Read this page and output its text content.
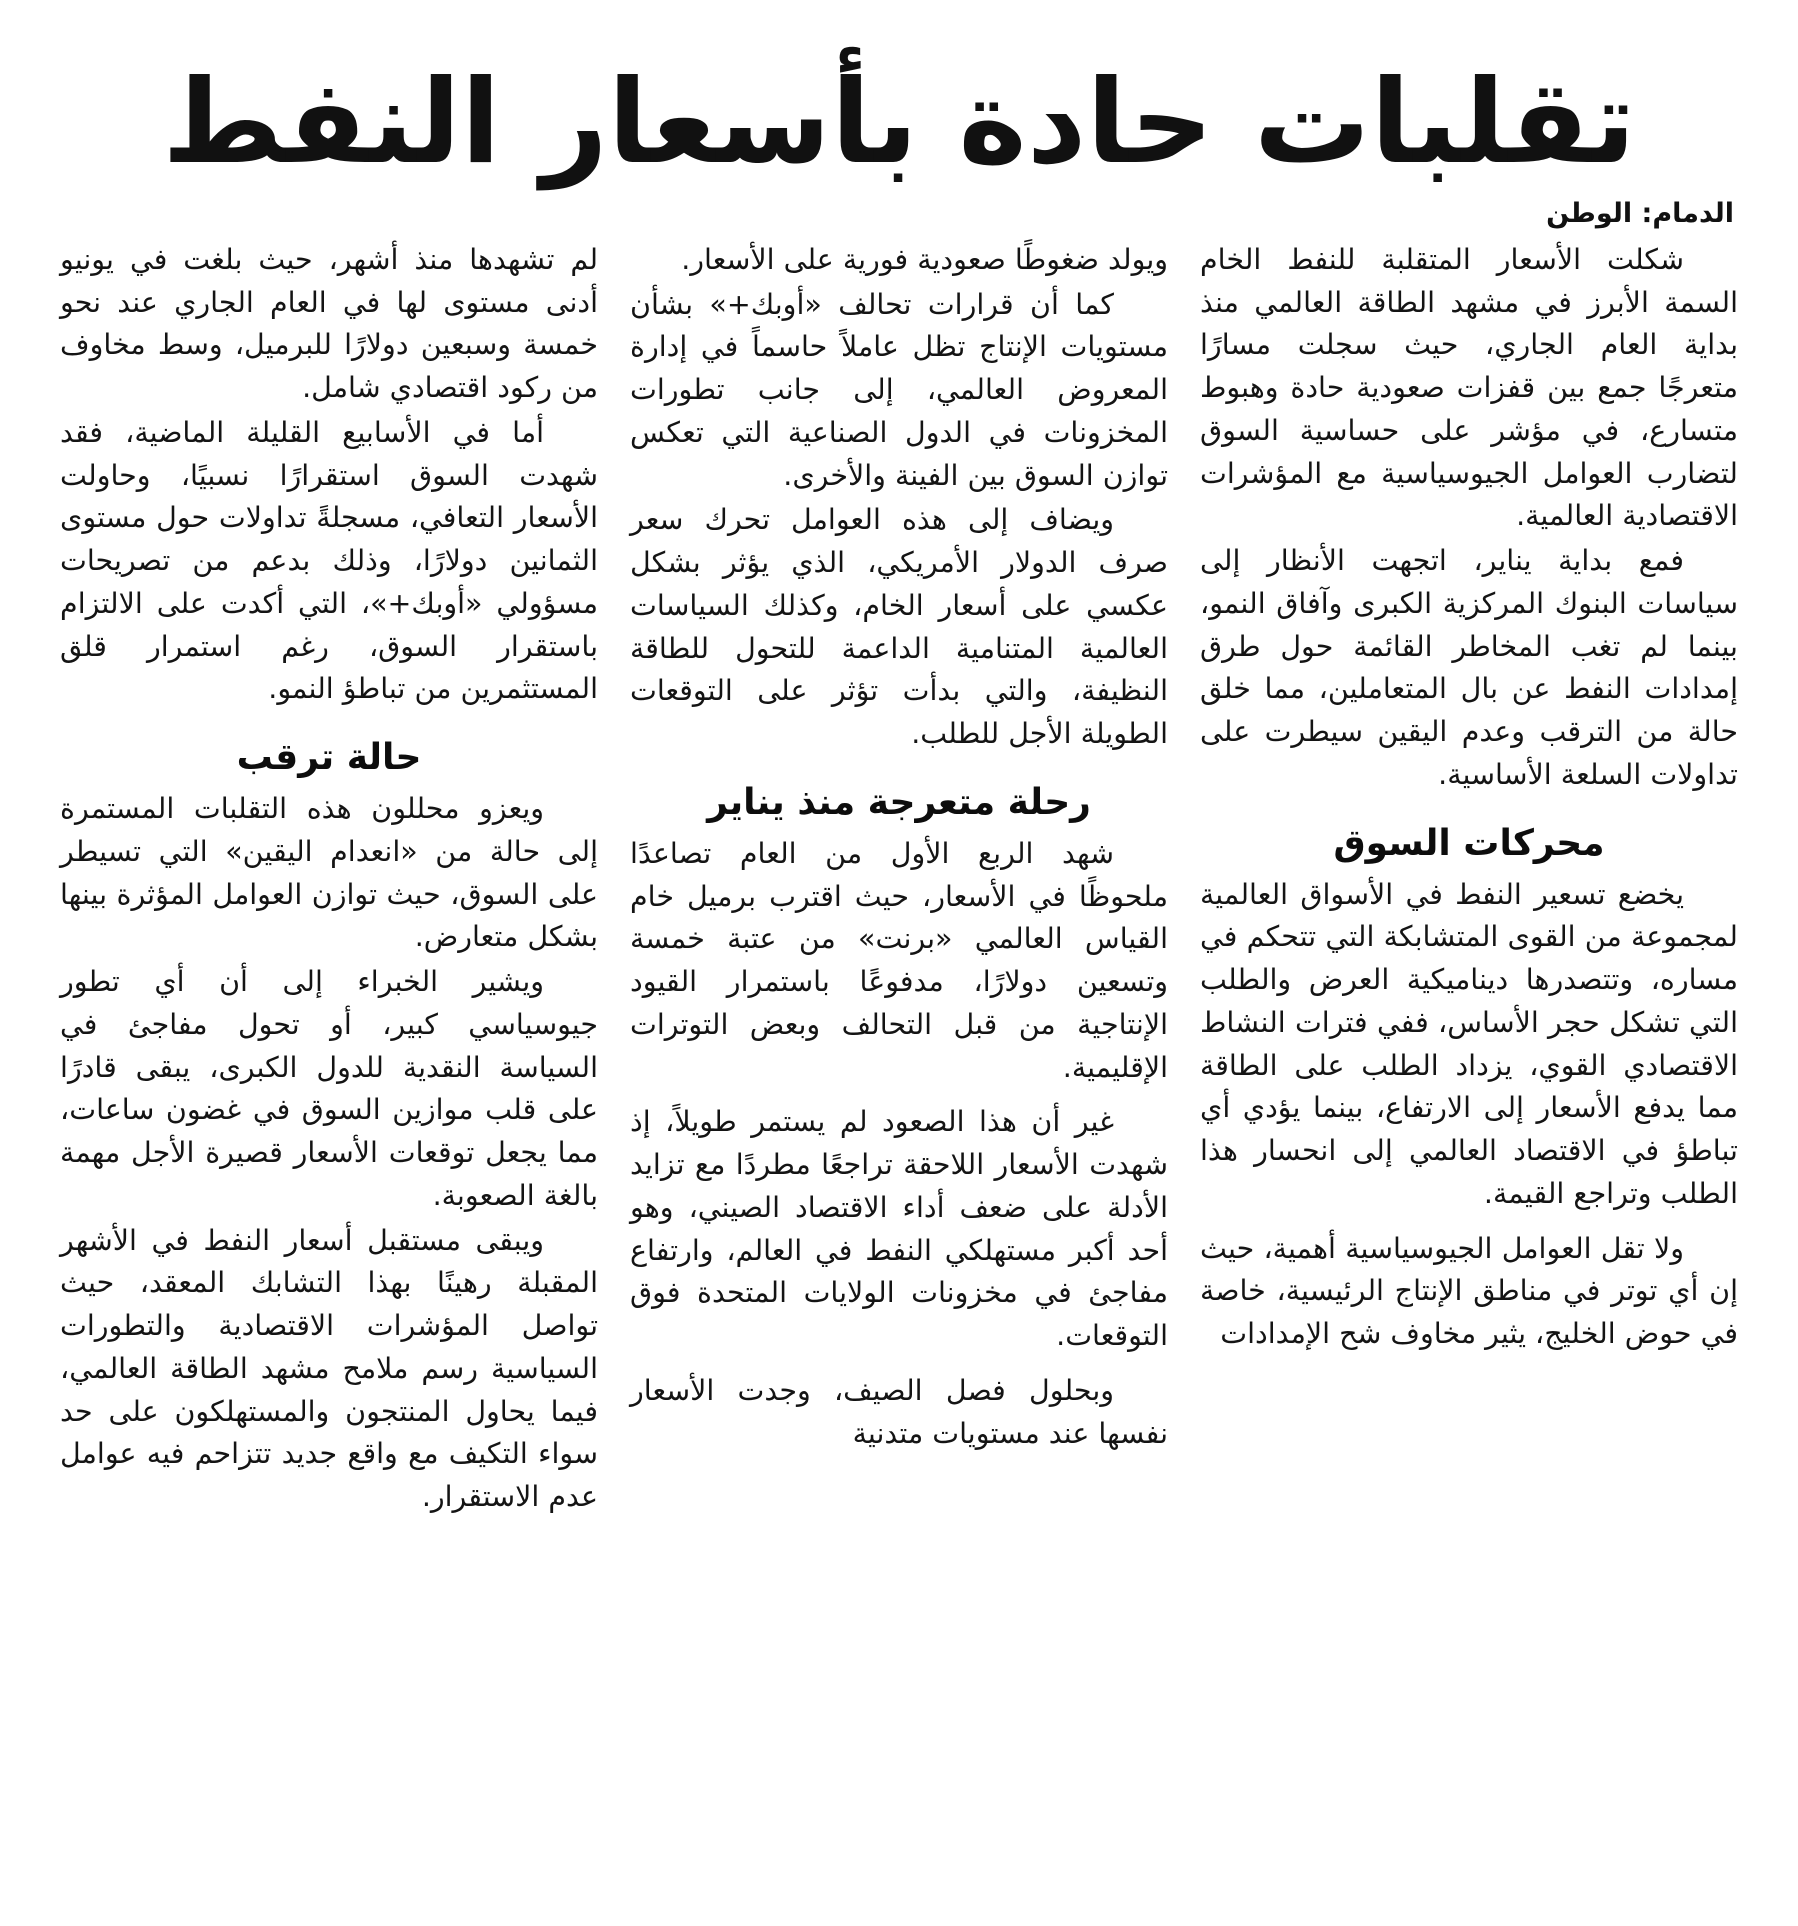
تقلبات حادة بأسعار النفط
الدمام: الوطن

شكلت الأسعار المتقلبة للنفط الخام السمة الأبرز في مشهد الطاقة العالمي منذ بداية العام الجاري، حيث سجلت مسارًا متعرجًا جمع بين قفزات صعودية حادة وهبوط متسارع، في مؤشر على حساسية السوق لتضارب العوامل الجيوسياسية مع المؤشرات الاقتصادية العالمية.

فمع بداية يناير، اتجهت الأنظار إلى سياسات البنوك المركزية الكبرى وآفاق النمو، بينما لم تغب المخاطر القائمة حول طرق إمدادات النفط عن بال المتعاملين، مما خلق حالة من الترقب وعدم اليقين سيطرت على تداولات السلعة الأساسية.

محركات السوق

يخضع تسعير النفط في الأسواق العالمية لمجموعة من القوى المتشابكة التي تتحكم في مساره، وتتصدرها ديناميكية العرض والطلب التي تشكل حجر الأساس، ففي فترات النشاط الاقتصادي القوي، يزداد الطلب على الطاقة مما يدفع الأسعار إلى الارتفاع، بينما يؤدي أي تباطؤ في الاقتصاد العالمي إلى انحسار هذا الطلب وتراجع القيمة.

ولا تقل العوامل الجيوسياسية أهمية، حيث إن أي توتر في مناطق الإنتاج الرئيسية، خاصة في حوض الخليج، يثير مخاوف شح الإمدادات

ويولد ضغوطًا صعودية فورية على الأسعار.

كما أن قرارات تحالف «أوبك+» بشأن مستويات الإنتاج تظل عاملاً حاسماً في إدارة المعروض العالمي، إلى جانب تطورات المخزونات في الدول الصناعية التي تعكس توازن السوق بين الفينة والأخرى.

ويضاف إلى هذه العوامل تحرك سعر صرف الدولار الأمريكي، الذي يؤثر بشكل عكسي على أسعار الخام، وكذلك السياسات العالمية المتنامية الداعمة للتحول للطاقة النظيفة، والتي بدأت تؤثر على التوقعات الطويلة الأجل للطلب.

رحلة متعرجة منذ يناير

شهد الربع الأول من العام تصاعدًا ملحوظًا في الأسعار، حيث اقترب برميل خام القياس العالمي «برنت» من عتبة خمسة وتسعين دولارًا، مدفوعًا باستمرار القيود الإنتاجية من قبل التحالف وبعض التوترات الإقليمية.

غير أن هذا الصعود لم يستمر طويلاً، إذ شهدت الأسعار اللاحقة تراجعًا مطردًا مع تزايد الأدلة على ضعف أداء الاقتصاد الصيني، وهو أحد أكبر مستهلكي النفط في العالم، وارتفاع مفاجئ في مخزونات الولايات المتحدة فوق التوقعات.

وبحلول فصل الصيف، وجدت الأسعار نفسها عند مستويات متدنية

لم تشهدها منذ أشهر، حيث بلغت في يونيو أدنى مستوى لها في العام الجاري عند نحو خمسة وسبعين دولارًا للبرميل، وسط مخاوف من ركود اقتصادي شامل.

أما في الأسابيع القليلة الماضية، فقد شهدت السوق استقرارًا نسبيًا، وحاولت الأسعار التعافي، مسجلةً تداولات حول مستوى الثمانين دولارًا، وذلك بدعم من تصريحات مسؤولي «أوبك+»، التي أكدت على الالتزام باستقرار السوق، رغم استمرار قلق المستثمرين من تباطؤ النمو.

حالة ترقب

ويعزو محللون هذه التقلبات المستمرة إلى حالة من «انعدام اليقين» التي تسيطر على السوق، حيث توازن العوامل المؤثرة بينها بشكل متعارض.

ويشير الخبراء إلى أن أي تطور جيوسياسي كبير، أو تحول مفاجئ في السياسة النقدية للدول الكبرى، يبقى قادرًا على قلب موازين السوق في غضون ساعات، مما يجعل توقعات الأسعار قصيرة الأجل مهمة بالغة الصعوبة.

ويبقى مستقبل أسعار النفط في الأشهر المقبلة رهينًا بهذا التشابك المعقد، حيث تواصل المؤشرات الاقتصادية والتطورات السياسية رسم ملامح مشهد الطاقة العالمي، فيما يحاول المنتجون والمستهلكون على حد سواء التكيف مع واقع جديد تتزاحم فيه عوامل عدم الاستقرار.
